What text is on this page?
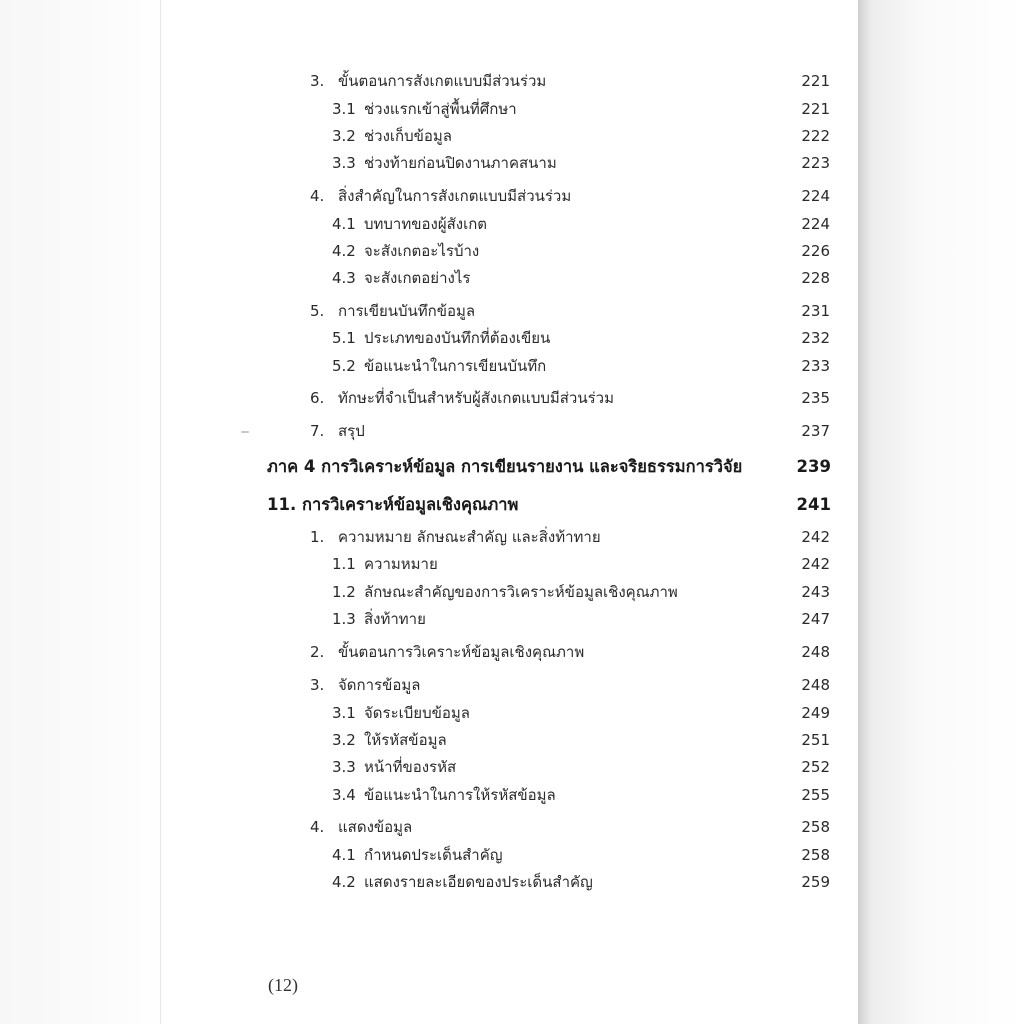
3. ขั้นตอนการสังเกตแบบมีส่วนร่วม	221
3.1 ช่วงแรกเข้าสู่พื้นที่ศึกษา	221
3.2 ช่วงเก็บข้อมูล	222
3.3 ช่วงท้ายก่อนปิดงานภาคสนาม	223
4. สิ่งสำคัญในการสังเกตแบบมีส่วนร่วม	224
4.1 บทบาทของผู้สังเกต	224
4.2 จะสังเกตอะไรบ้าง	226
4.3 จะสังเกตอย่างไร	228
5. การเขียนบันทึกข้อมูล	231
5.1 ประเภทของบันทึกที่ต้องเขียน	232
5.2 ข้อแนะนำในการเขียนบันทึก	233
6. ทักษะที่จำเป็นสำหรับผู้สังเกตแบบมีส่วนร่วม	235
7. สรุป	237
ภาค 4 การวิเคราะห์ข้อมูล การเขียนรายงาน และจริยธรรมการวิจัย	239
11. การวิเคราะห์ข้อมูลเชิงคุณภาพ	241
1. ความหมาย ลักษณะสำคัญ และสิ่งท้าทาย	242
1.1 ความหมาย	242
1.2 ลักษณะสำคัญของการวิเคราะห์ข้อมูลเชิงคุณภาพ	243
1.3 สิ่งท้าทาย	247
2. ขั้นตอนการวิเคราะห์ข้อมูลเชิงคุณภาพ	248
3. จัดการข้อมูล	248
3.1 จัดระเบียบข้อมูล	249
3.2 ให้รหัสข้อมูล	251
3.3 หน้าที่ของรหัส	252
3.4 ข้อแนะนำในการให้รหัสข้อมูล	255
4. แสดงข้อมูล	258
4.1 กำหนดประเด็นสำคัญ	258
4.2 แสดงรายละเอียดของประเด็นสำคัญ	259
(12)
